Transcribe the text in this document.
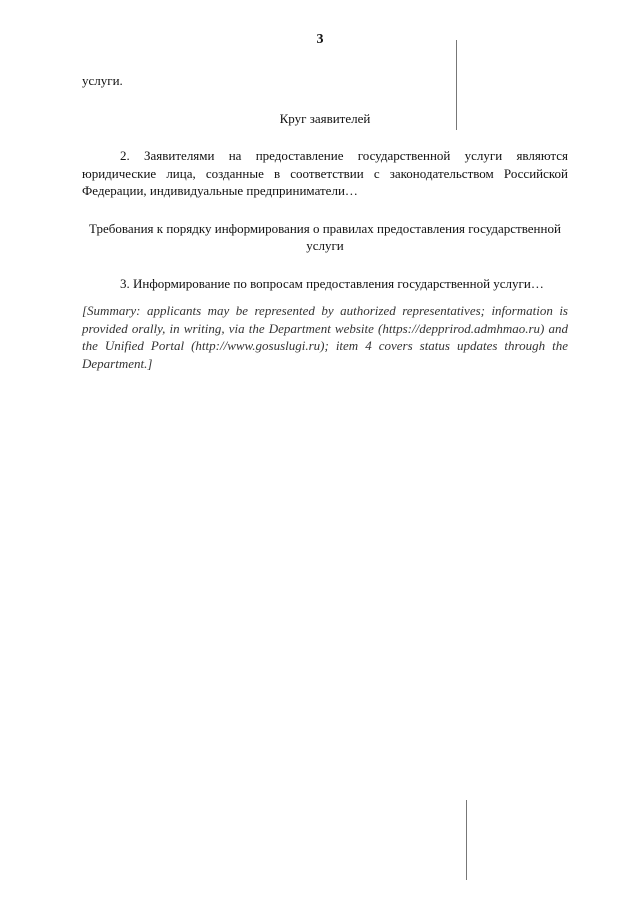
3

услуги.

Круг заявителей

2. Заявителями на предоставление государственной услуги являются юридические лица, созданные в соответствии с законодательством Российской Федерации, индивидуальные предприниматели…

Требования к порядку информирования о правилах предоставления государственной услуги

3. Информирование по вопросам предоставления государственной услуги…

[Summary: applicants may be represented by authorized representatives; information is provided orally, in writing, via the Department website (https://depprirod.admhmao.ru) and the Unified Portal (http://www.gosuslugi.ru); item 4 covers status updates through the Department.]
